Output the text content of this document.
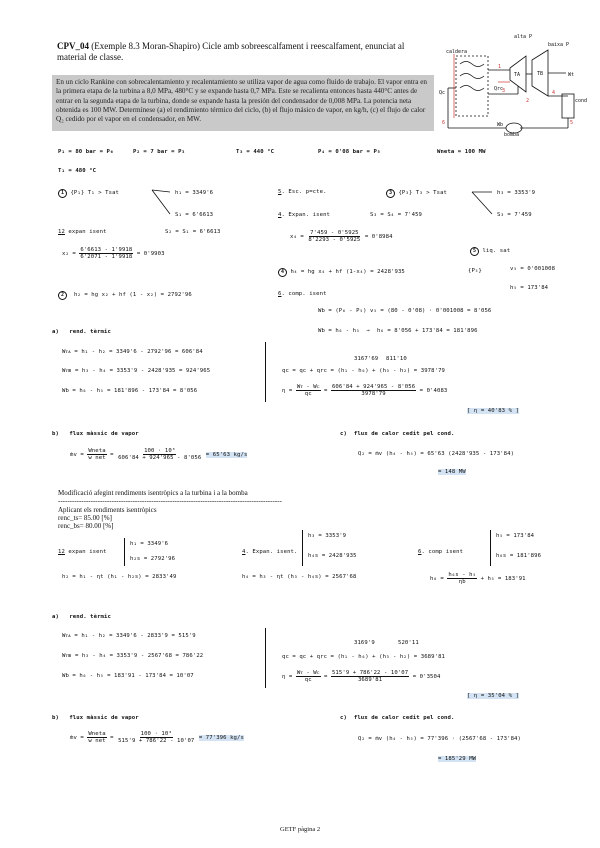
CPV_04 (Exemple 8.3 Moran-Shapiro) Cicle amb sobreescalfament i reescalfament, enunciat al material de classe.
En un ciclo Rankine con sobrecalentamiento y recalentamiento se utiliza vapor de agua como fluido de trabajo. El vapor entra en la primera etapa de la turbina a 8,0 MPa, 480°C y se expande hasta 0,7 MPa. Este se recalienta entonces hasta 440°C antes de entrar en la segunda etapa de la turbina, donde se expande hasta la presión del condensador de 0,008 MPa. La potencia neta obtenida es 100 MW. Determínese (a) el rendimiento térmico del ciclo, (b) el flujo másico de vapor, en kg/h, (c) el flujo de calor Q₂ cedido por el vapor en el condensador, en MW.
caldera
alta P
baixa P
TA	TB	Wt
Qc
Qrc
cond
bomba
Wb
1
2
3	4
5
6
P₁ = 80 bar = P₆	P₂ = 7 bar = P₃	T₃ = 440 °C	P₄ = 0'08 bar = P₅	Wneta = 100 MW
T₁ = 480 °C
1 {P₁} T₁ > Tsat	h₁ = 3349'6
S₁ = 6'6613
5. Esc. p=cte.	3 {P₃} T₃ > Tsat	h₃ = 3353'9
S₃ = 7'459
12 expan isent	S₂ = S₁ = 6'6613
4. Expan. isent	S₃ = S₄ = 7'459
$x_2 = \frac{6'6613 - 1'9918}{6'2071 - 1'9918} = 0'9903$
$x_4 = \frac{7'459 - 0'5925}{8'2293 - 0'5925} = 0'8984$
5 liq. sat
4 h₄ = hg x₄ + hf (1-x₄) = 2428'935	{P₅}	v₅ = 0'001008
h₅ = 173'84
2 h₂ = hg x₂ + hf (1 - x₂) = 2792'96	6. comp. isent
Wb = (P₆ - P₅) v₅ = (80 - 0'08) · 0'001008 = 8'056
Wb = h₆ - h₅  →  h₆ = 8'056 + 173'84 = 181'896
a) rend. tèrmic
Wᴛᴀ = h₁ - h₂ = 3349'6 - 2792'96 = 606'84
Wᴛʙ = h₃ - h₄ = 3353'9 - 2428'935 = 924'965
Wb = h₆ - h₅ = 181'896 - 173'84 = 8'056
3167'69 811'10
qc = qc + qrc = (h₁ - h₆) + (h₃ - h₂) = 3978'79
$\eta = \frac{\text{Wᴛ - Wᴄ}}{qc} = \frac{606'84 + 924'965 - 8'056}{3978'79} = 0'4083$
[ η = 40'83 % ]
b) flux màssic de vapor
ṁv = $\frac{\text{Wneta}}{\text{w net}} = \frac{\text{100 · 10³}}{606'84 + 924'965 - 8'056} = 65'63$ kg/s
c) flux de calor cedit pel cond.
Q₂ = ṁv (h₄ - h₅) = 65'63 (2428'935 - 173'84)
= 148 MW
Modificació afegint rendiments isentròpics a la turbina i a la bomba
------------------------------------------------------------------------------------------------
Aplicant els rendiments isentròpics
renc_ts= 85.00 [%]
renc_bs= 80.00 [%]
12 expan isent
h₁ = 3349'6
h₂s = 2792'96
h₂ = h₁ - ηt (h₁ - h₂s) = 2833'49
4. Expan. isent.
h₃ = 3353'9
h₄s = 2428'935
h₄ = h₃ - ηt (h₃ - h₄s) = 2567'68
6. comp isent
h₅ = 173'84
h₆s = 181'896
$h_6 = \frac{\text{h₆s - h₅}}{\eta b} + h_5 = 183'91$
a) rend. tèrmic
Wᴛᴀ = h₁ - h₂ = 3349'6 - 2833'9 = 515'9
Wᴛʙ = h₃ - h₄ = 3353'9 - 2567'68 = 786'22
Wb = h₆ - h₅ = 183'91 - 173'84 = 10'07
3169'9	520'11
qc = qc + qrc = (h₁ - h₆) + (h₃ - h₂) = 3689'81
$\eta = \frac{\text{Wᴛ - Wᴄ}}{qc} = \frac{515'9 + 786'22 - 10'07}{3689'81} = 0'3504$
[ η = 35'04 % ]
b) flux màssic de vapor
ṁv = $\frac{\text{Wneta}}{\text{w net}} = \frac{\text{100 · 10³}}{515'9 + 786'22 - 10'07} = 77'396$ kg/s
c) flux de calor cedit pel cond.
Q₂ = ṁv (h₄ - h₅) = 77'396 · (2567'68 - 173'84)
= 185'29 MW
GETF pàgina 2
